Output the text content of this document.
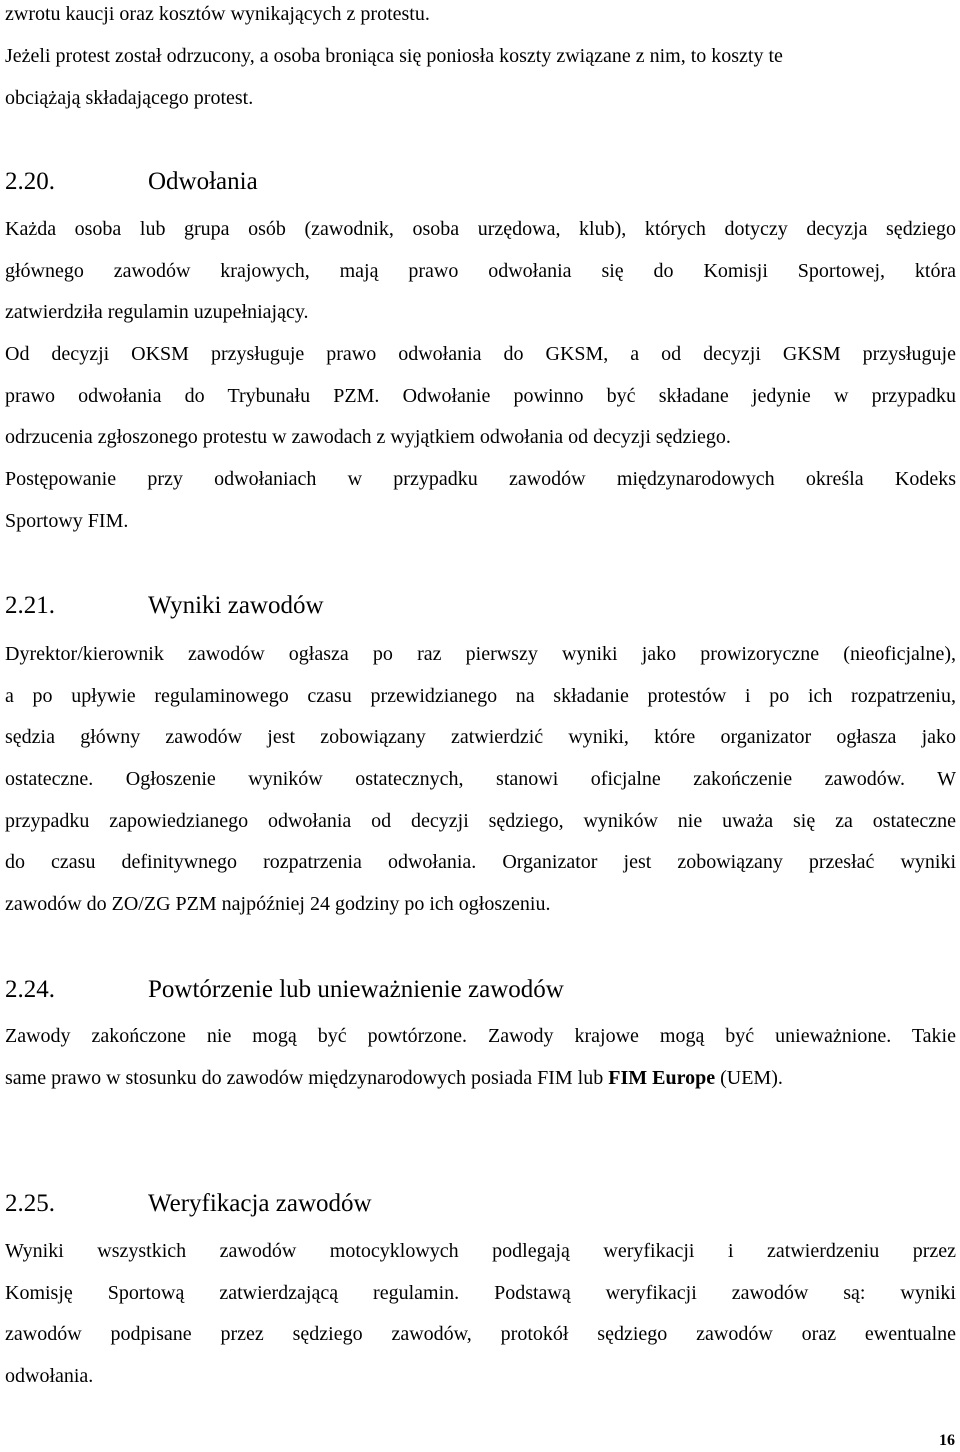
zwrotu kaucji oraz kosztów wynikających z protestu.
Jeżeli protest został odrzucony, a osoba broniąca się poniosła koszty związane z nim, to koszty te
obciążają składającego protest.
2.20.	Odwołania
Każda osoba lub grupa osób (zawodnik, osoba urzędowa, klub), których dotyczy decyzja sędziego
głównego zawodów krajowych, mają prawo odwołania się do Komisji Sportowej, która
zatwierdziła regulamin uzupełniający.
Od decyzji OKSM przysługuje prawo odwołania do GKSM, a od decyzji GKSM przysługuje
prawo odwołania do Trybunału PZM. Odwołanie powinno być składane jedynie w przypadku
odrzucenia zgłoszonego protestu w zawodach z wyjątkiem odwołania od decyzji sędziego.
Postępowanie przy odwołaniach w przypadku zawodów międzynarodowych określa Kodeks
Sportowy FIM.
2.21.	Wyniki zawodów
Dyrektor/kierownik zawodów ogłasza po raz pierwszy wyniki jako prowizoryczne (nieoficjalne),
a po upływie regulaminowego czasu przewidzianego na składanie protestów i po ich rozpatrzeniu,
sędzia główny zawodów jest zobowiązany zatwierdzić wyniki, które organizator ogłasza jako
ostateczne. Ogłoszenie wyników ostatecznych, stanowi oficjalne zakończenie zawodów. W
przypadku zapowiedzianego odwołania od decyzji sędziego, wyników nie uważa się za ostateczne
do czasu definitywnego rozpatrzenia odwołania. Organizator jest zobowiązany przesłać wyniki
zawodów do ZO/ZG PZM najpóźniej 24 godziny po ich ogłoszeniu.
2.24.	Powtórzenie lub unieważnienie zawodów
Zawody zakończone nie mogą być powtórzone. Zawody krajowe mogą być unieważnione. Takie
same prawo w stosunku do zawodów międzynarodowych posiada FIM lub FIM Europe (UEM).
2.25.	Weryfikacja zawodów
Wyniki wszystkich zawodów motocyklowych podlegają weryfikacji i zatwierdzeniu przez
Komisję Sportową zatwierdzającą regulamin. Podstawą weryfikacji zawodów są: wyniki
zawodów podpisane przez sędziego zawodów, protokół sędziego zawodów oraz ewentualne
odwołania.
16
